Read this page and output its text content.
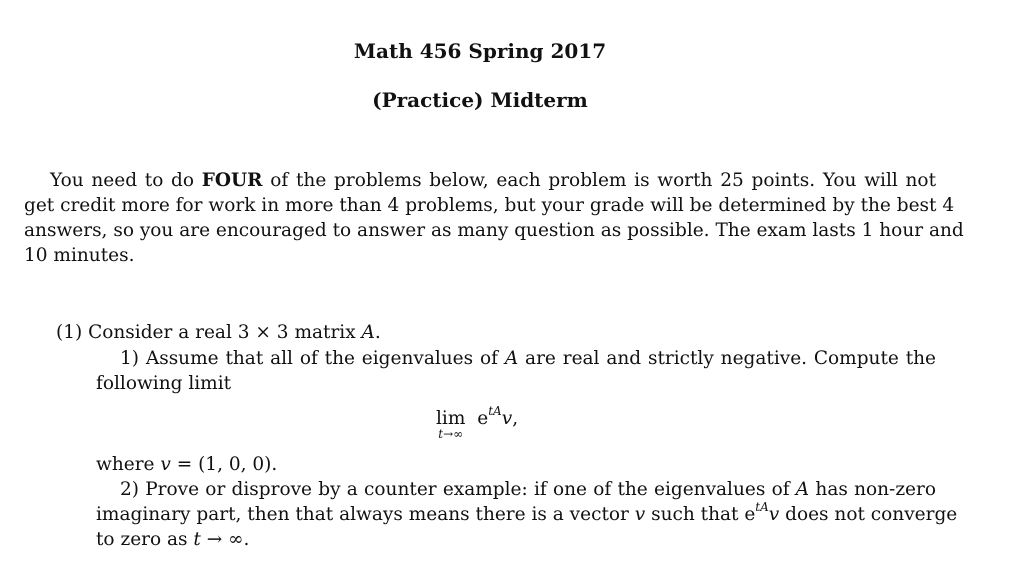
Math 456 Spring 2017
(Practice) Midterm
You need to do FOUR of the problems below, each problem is worth 25 points. You will not
get credit more for work in more than 4 problems, but your grade will be determined by the best 4
answers, so you are encouraged to answer as many question as possible. The exam lasts 1 hour and
10 minutes.
(1) Consider a real 3 × 3 matrix A.
1) Assume that all of the eigenvalues of A are real and strictly negative. Compute the
following limit
lim
t→∞
$e^{tA}v$,
where v = (1, 0, 0).
2) Prove or disprove by a counter example: if one of the eigenvalues of A has non-zero
imaginary part, then that always means there is a vector v such that $e^{tA}v$ does not converge
to zero as t → ∞.
